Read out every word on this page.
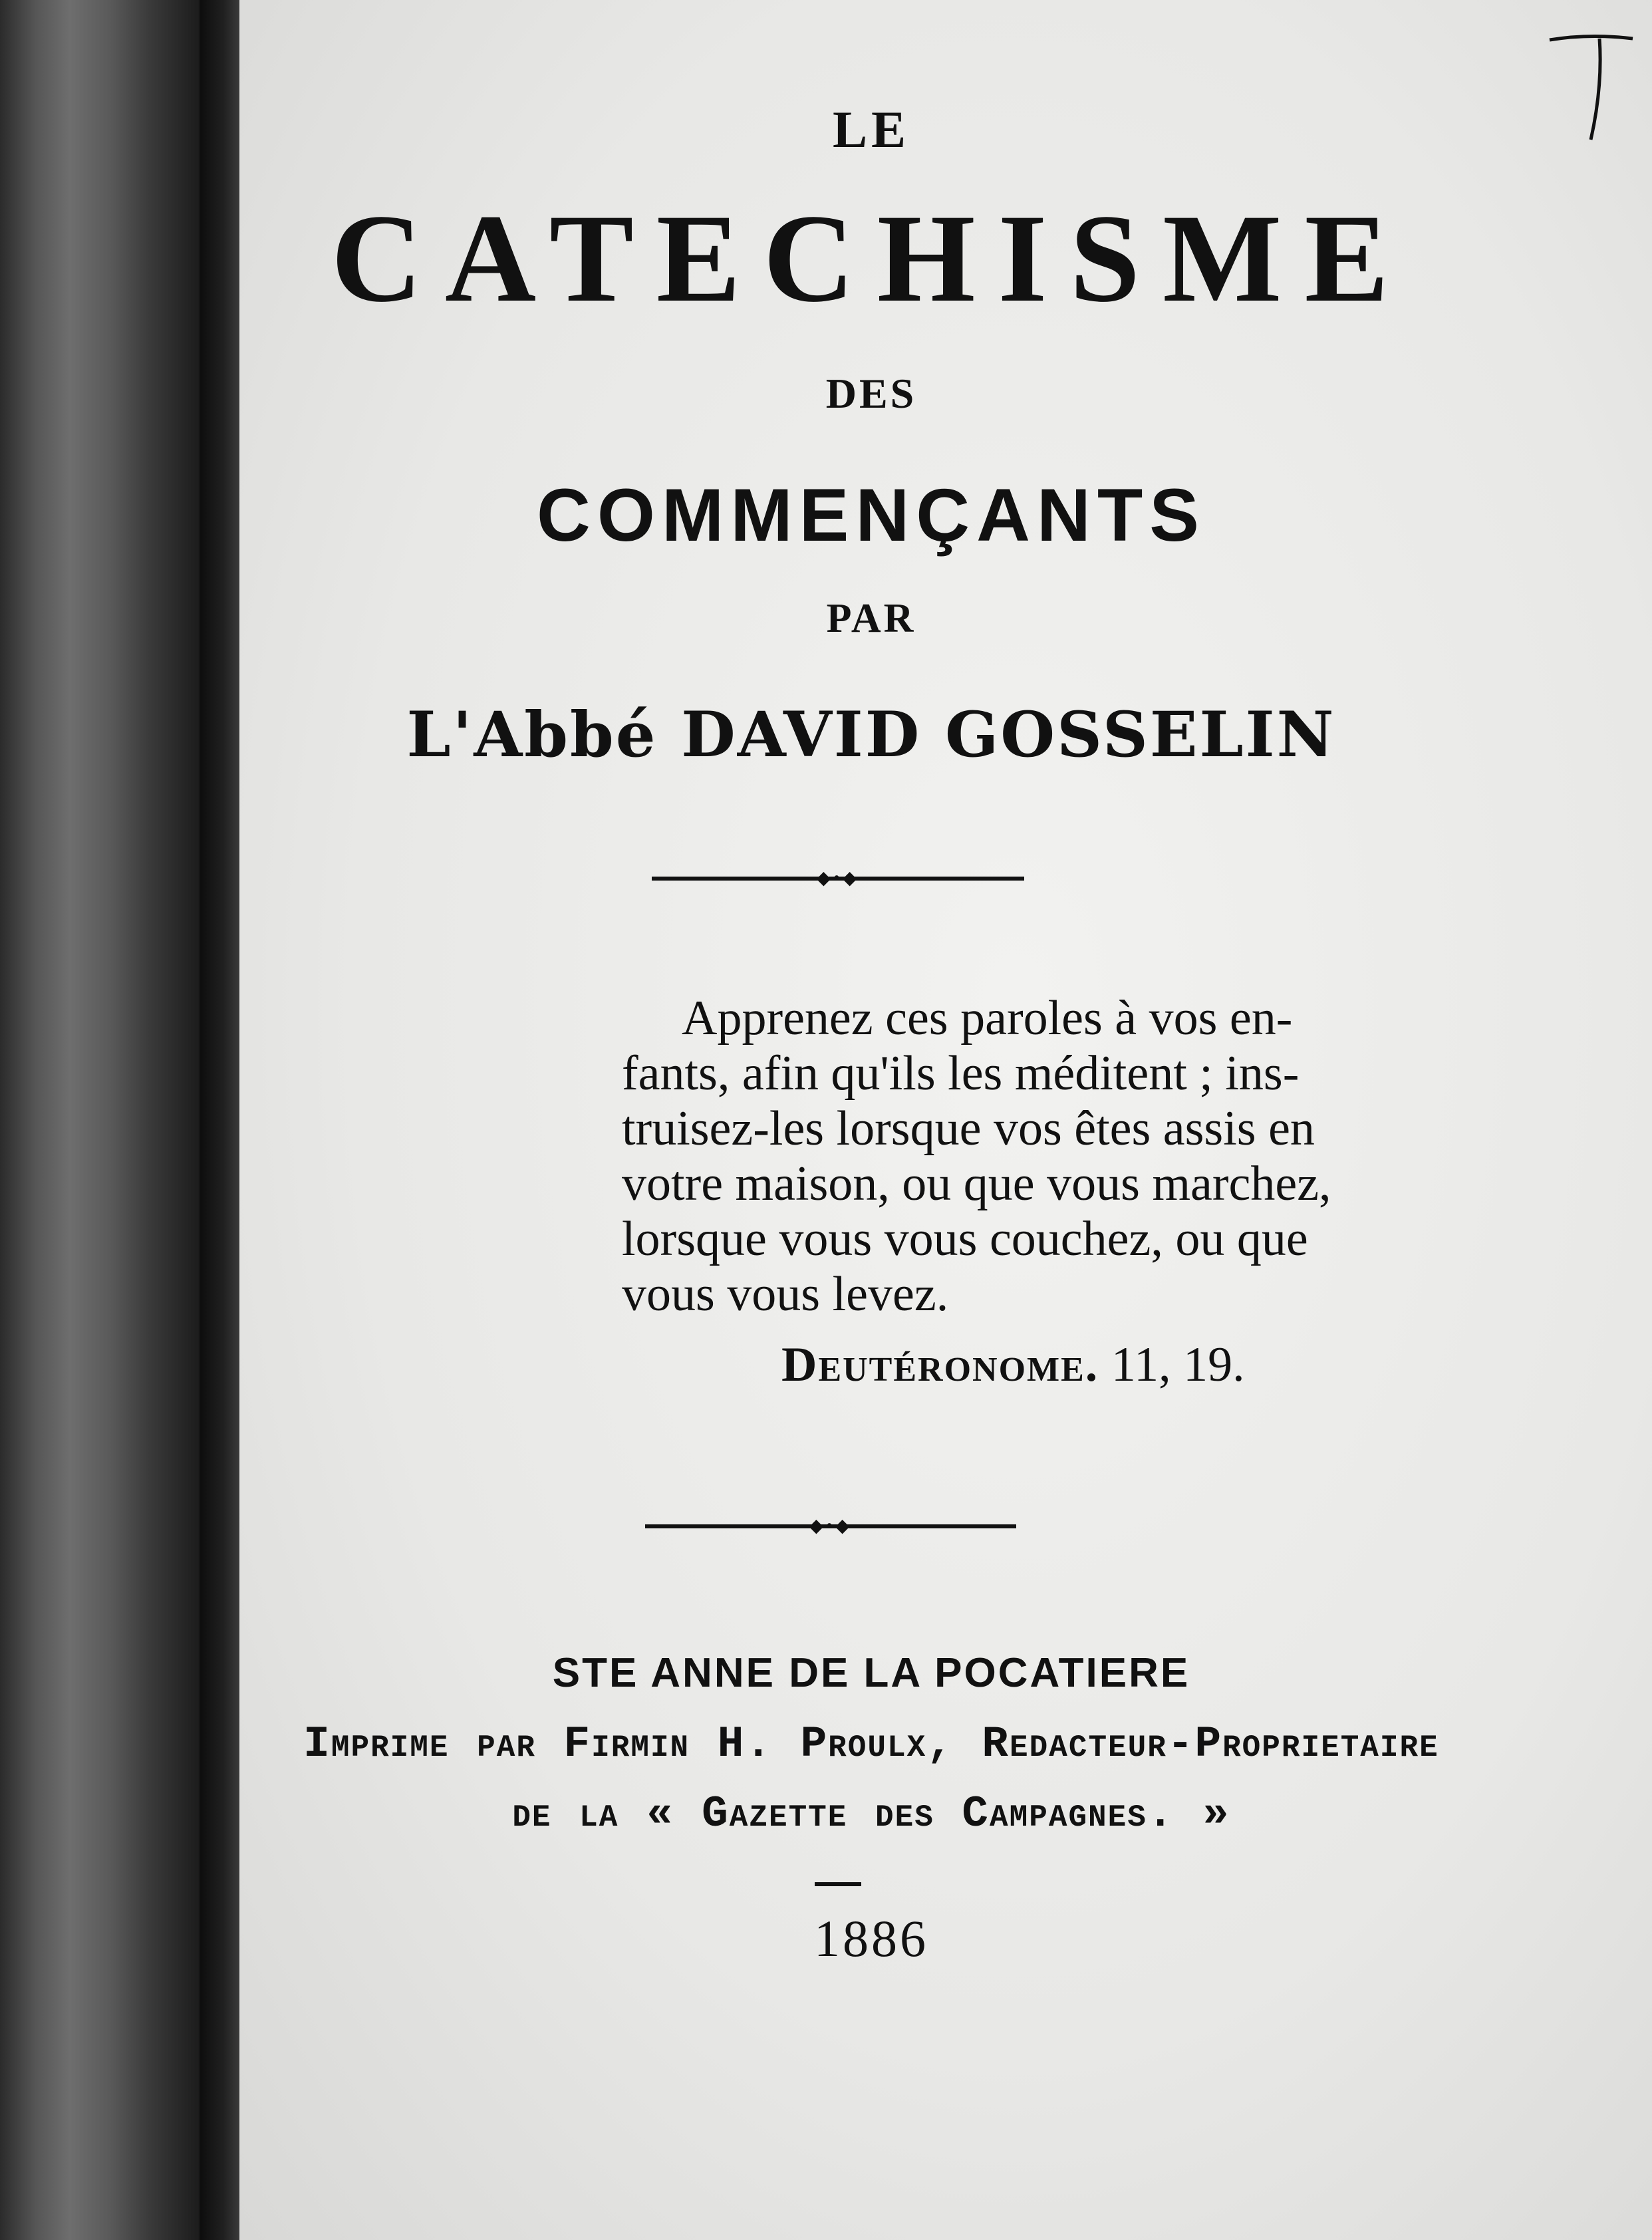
LE
CATECHISME
DES
COMMENÇANTS
PAR
L'Abbé DAVID GOSSELIN
◆•◆
Apprenez ces paroles à vos en-
fants, afin qu'ils les méditent ; ins-
truisez-les lorsque vos êtes assis en
votre maison, ou que vous marchez,
lorsque vous vous couchez, ou que
vous vous levez.
Deutéronome. 11, 19.
◆•◆
STE ANNE DE LA POCATIERE
Imprime par Firmin H. Proulx, Redacteur-Proprietaire
de la « Gazette des Campagnes. »
1886
